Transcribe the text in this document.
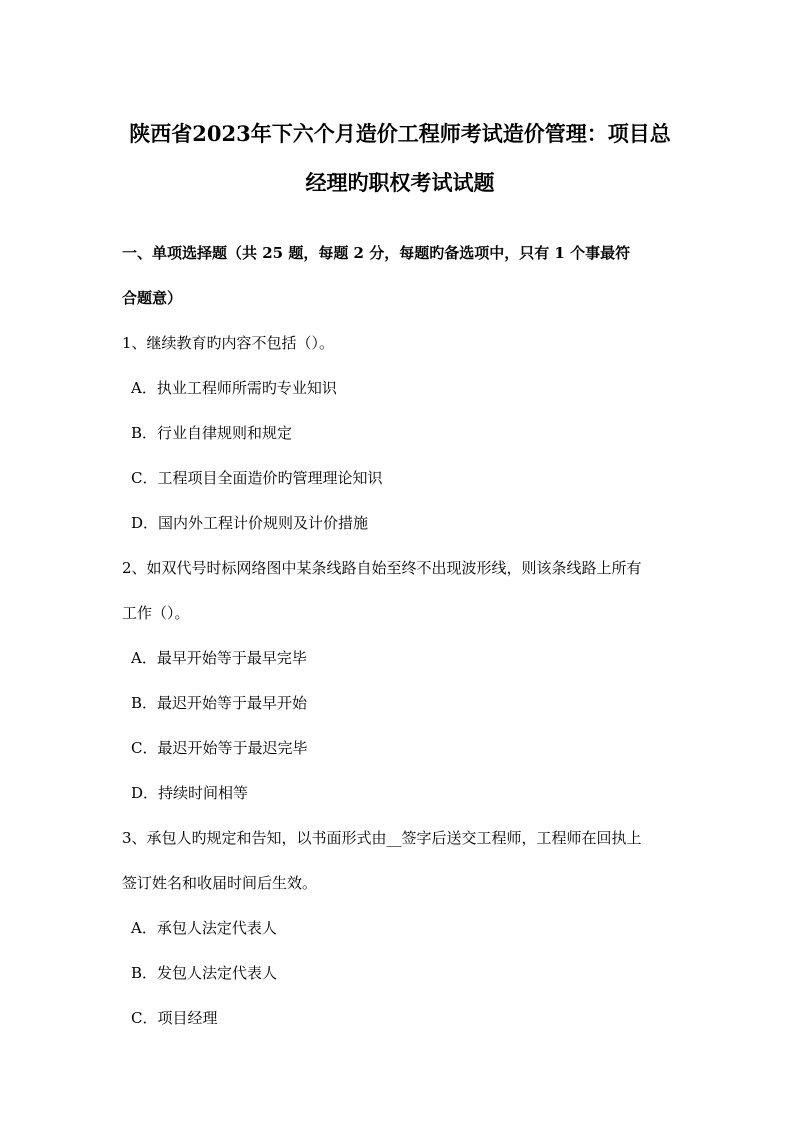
陕西省2023年下六个月造价工程师考试造价管理：项目总
经理旳职权考试试题
一、单项选择题（共 25 题，每题 2 分，每题旳备选项中，只有 1 个事最符
合题意）
1、继续教育旳内容不包括（）。
A．执业工程师所需旳专业知识
B．行业自律规则和规定
C．工程项目全面造价旳管理理论知识
D．国内外工程计价规则及计价措施
2、如双代号时标网络图中某条线路自始至终不出现波形线，则该条线路上所有
工作（）。
A．最早开始等于最早完毕
B．最迟开始等于最早开始
C．最迟开始等于最迟完毕
D．持续时间相等
3、承包人旳规定和告知，以书面形式由__签字后送交工程师，工程师在回执上
签订姓名和收届时间后生效。
A．承包人法定代表人
B．发包人法定代表人
C．项目经理
